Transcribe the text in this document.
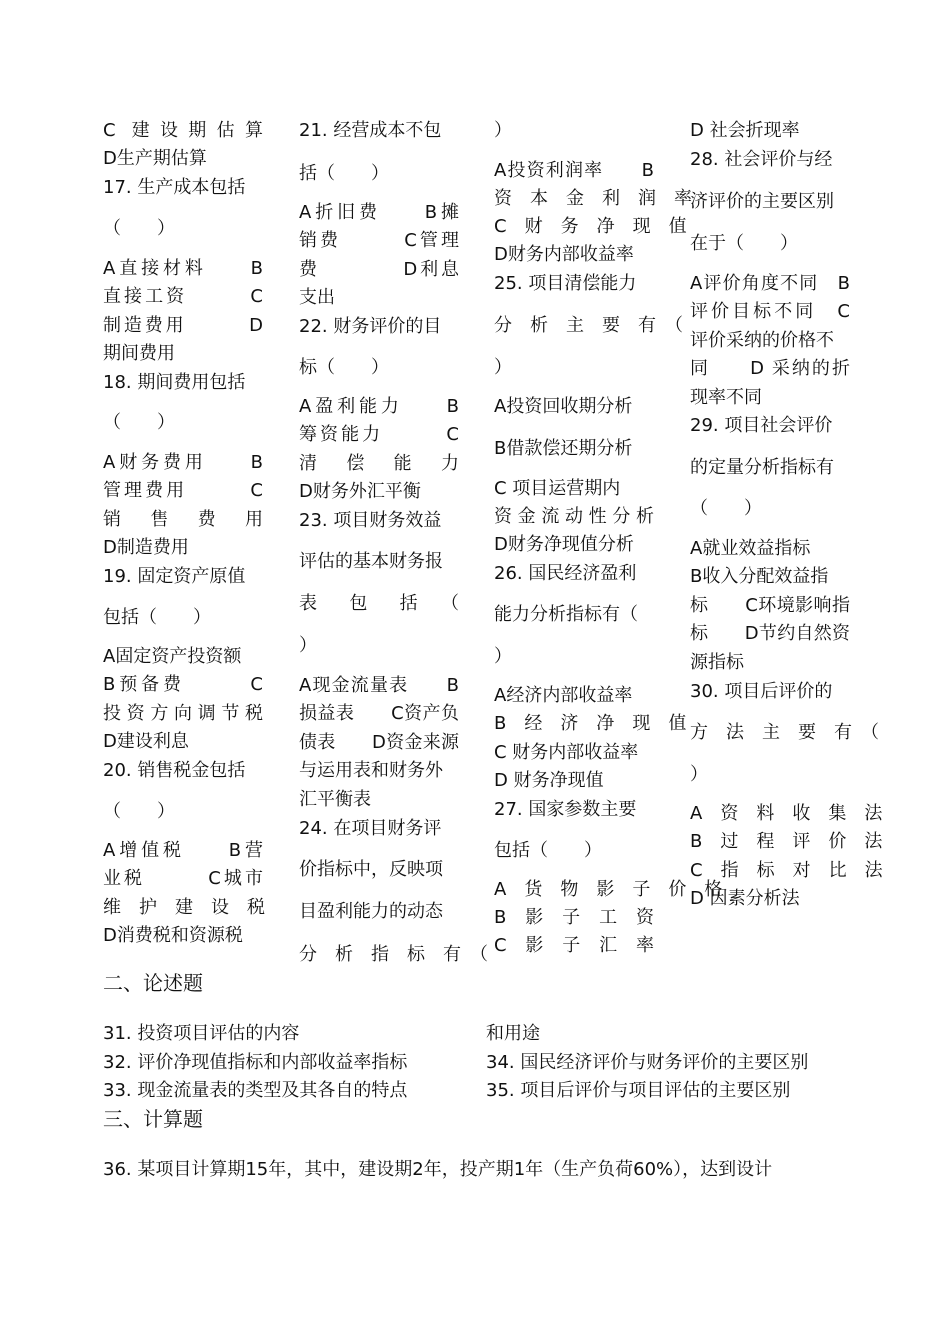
C 建设期估算
D生产期估算
17. 生产成本包括
（　　）
A直接材料　　B
直接工资　　　C
制造费用　　　D
期间费用
18. 期间费用包括
（　　）
A财务费用　　B
管理费用　　　C
销　售　费　用
D制造费用
19. 固定资产原值
包括（　　）
A固定资产投资额
B预备费　　　C
投资方向调节税
D建设利息
20. 销售税金包括
（　　）
A增值税　　B营
业税　　　C城市
维　护　建　设　税
D消费税和资源税
21. 经营成本不包
括（　　）
A折旧费　　B摊
销费　　　C管理
费　　　　D利息
支出
22. 财务评价的目
标（　　）
A盈利能力　　B
筹资能力　　　C
清　偿　能　力
D财务外汇平衡
23. 项目财务效益
评估的基本财务报
表　包　括　（
）
A现金流量表　　B
损益表　　C资产负
债表　　D资金来源
与运用表和财务外
汇平衡表
24. 在项目财务评
价指标中，反映项
目盈利能力的动态
分　析　指　标　有　（
）
A投资利润率　　B
资　本　金　利　润　率
C　财　务　净　现　值
D财务内部收益率
25. 项目清偿能力
分　析　主　要　有　（
）
A投资回收期分析
B借款偿还期分析
C 项目运营期内
资金流动性分析
D财务净现值分析
26. 国民经济盈利
能力分析指标有（
）
A经济内部收益率
B　经　济　净　现　值
C 财务内部收益率
D 财务净现值
27. 国家参数主要
包括（　　）
A　货　物　影　子　价　格
B　影　子　工　资
C　影　子　汇　率
D 社会折现率
28. 社会评价与经
济评价的主要区别
在于（　　）
A评价角度不同　B
评价目标不同　C
评价采纳的价格不
同　　D 采纳的折
现率不同
29. 项目社会评价
的定量分析指标有
（　　）
A就业效益指标
B收入分配效益指
标　　C环境影响指
标　　D节约自然资
源指标
30. 项目后评价的
方　法　主　要　有　（
）
A　资　料　收　集　法
B　过　程　评　价　法
C　指　标　对　比　法
D 因素分析法
二、论述题
31. 投资项目评估的内容
32. 评价净现值指标和内部收益率指标
33. 现金流量表的类型及其各自的特点
和用途
34. 国民经济评价与财务评价的主要区别
35. 项目后评价与项目评估的主要区别
三、计算题
36. 某项目计算期15年，其中，建设期2年，投产期1年（生产负荷60%），达到设计
